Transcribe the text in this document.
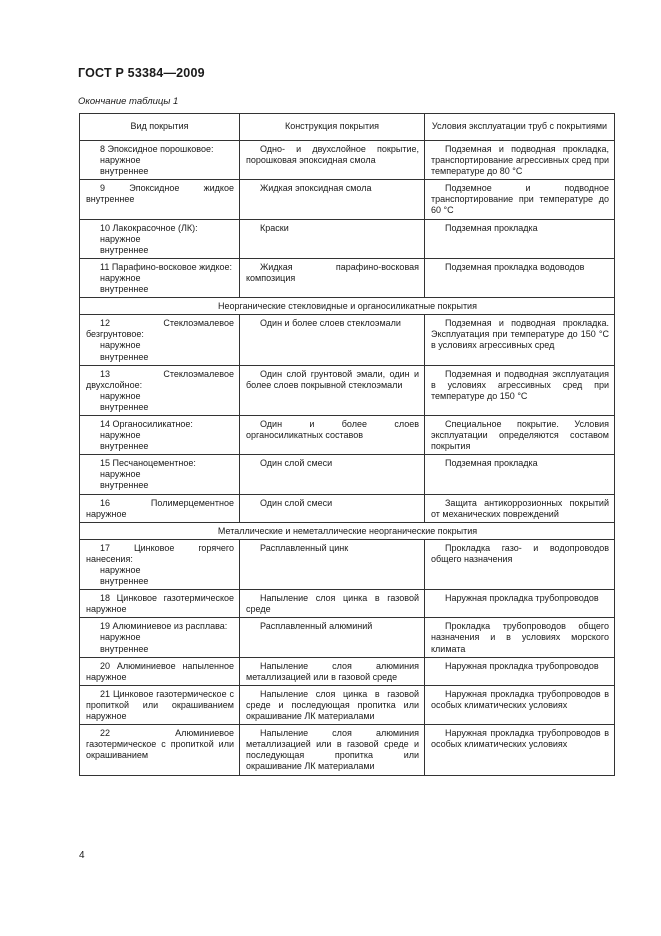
ГОСТ Р 53384—2009
Окончание таблицы 1
Вид покрытия	Конструкция покрытия	Условия эксплуатации труб с покрытиями

8 Эпоксидное порошковое:
наружное
внутреннее	Одно- и двухслойное покрытие, порошковая эпоксидная смола	Подземная и подводная прокладка, транспортирование агрессивных сред при температуре до 80 °С

9 Эпоксидное жидкое внутреннее	Жидкая эпоксидная смола	Подземное и подводное транспортирование при температуре до 60 °С

10 Лакокрасочное (ЛК):
наружное
внутреннее	Краски	Подземная прокладка

11 Парафино-восковое жидкое:
наружное
внутреннее	Жидкая парафино-восковая композиция	Подземная прокладка водоводов
Неорганические стекловидные и органосиликатные покрытия		

12 Стеклоэмалевое безгрунтовое:
наружное
внутреннее	Один и более слоев стеклоэмали	Подземная и подводная прокладка. Эксплуатация при температуре до 150 °С в условиях агрессивных сред

13 Стеклоэмалевое двухслойное:
наружное
внутреннее	Один слой грунтовой эмали, один и более слоев покрывной стеклоэмали	Подземная и подводная эксплуатация в условиях агрессивных сред при температуре до 150 °С

14 Органосиликатное:
наружное
внутреннее	Один и более слоев органосиликатных составов	Специальное покрытие. Условия эксплуатации определяются составом покрытия

15 Песчаноцементное:
наружное
внутреннее	Один слой смеси	Подземная прокладка

16 Полимерцементное наружное	Один слой смеси	Защита антикоррозионных покрытий от механических повреждений
Металлические и неметаллические неорганические покрытия		

17 Цинковое горячего нанесения:
наружное
внутреннее	Расплавленный цинк	Прокладка газо- и водопроводов общего назначения

18 Цинковое газотермическое наружное	Напыление слоя цинка в газовой среде	Наружная прокладка трубопроводов

19 Алюминиевое из расплава:
наружное
внутреннее	Расплавленный алюминий	Прокладка трубопроводов общего назначения и в условиях морского климата

20 Алюминиевое напыленное наружное	Напыление слоя алюминия металлизацией или в газовой среде	Наружная прокладка трубопроводов

21 Цинковое газотермическое с пропиткой или окрашиванием наружное	Напыление слоя цинка в газовой среде и последующая пропитка или окрашивание ЛК материалами	Наружная прокладка трубопроводов в особых климатических условиях

22 Алюминиевое газотермическое с пропиткой или окрашиванием	Напыление слоя алюминия металлизацией или в газовой среде и последующая пропитка или окрашивание ЛК материалами	Наружная прокладка трубопроводов в особых климатических условиях
4
